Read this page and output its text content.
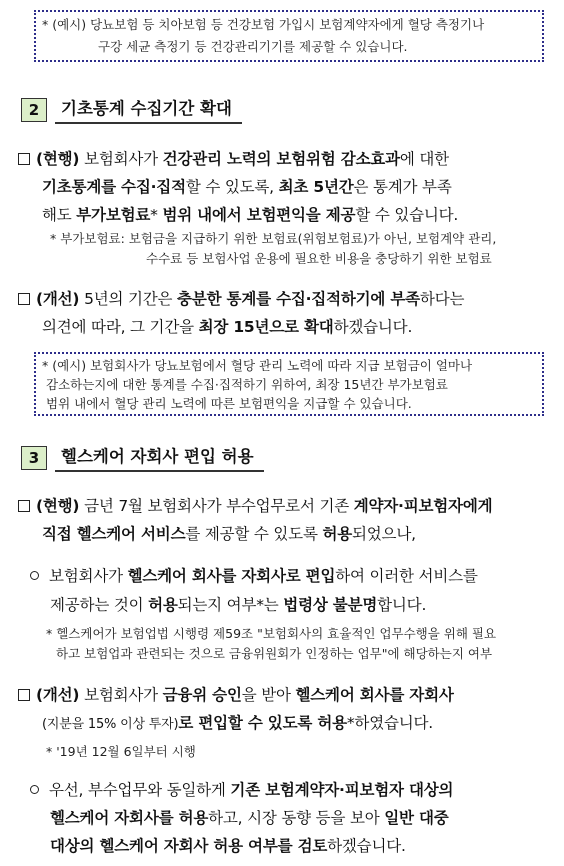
* (예시) 당뇨보험 등 치아보험 등 건강보험 가입시 보험계약자에게 혈당 측정기나
구강 세균 측정기 등 건강관리기기를 제공할 수 있습니다.
2	기초통계 수집기간 확대
(현행) 보험회사가 건강관리 노력의 보험위험 감소효과에 대한
기초통계를 수집·집적할 수 있도록, 최초 5년간은 통계가 부족
해도 부가보험료* 범위 내에서 보험편익을 제공할 수 있습니다.
* 부가보험료: 보험금을 지급하기 위한 보험료(위험보험료)가 아닌, 보험계약 관리,
수수료 등 보험사업 운용에 필요한 비용을 충당하기 위한 보험료
(개선) 5년의 기간은 충분한 통계를 수집·집적하기에 부족하다는
의견에 따라, 그 기간을 최장 15년으로 확대하겠습니다.
* (예시) 보험회사가 당뇨보험에서 혈당 관리 노력에 따라 지급 보험금이 얼마나
감소하는지에 대한 통계를 수집·집적하기 위하여, 최장 15년간 부가보험료
범위 내에서 혈당 관리 노력에 따른 보험편익을 지급할 수 있습니다.
3	헬스케어 자회사 편입 허용
(현행) 금년 7월 보험회사가 부수업무로서 기존 계약자·피보험자에게
직접 헬스케어 서비스를 제공할 수 있도록 허용되었으나,
보험회사가 헬스케어 회사를 자회사로 편입하여 이러한 서비스를
제공하는 것이 허용되는지 여부*는 법령상 불분명합니다.
* 헬스케어가 보험업법 시행령 제59조 "보험회사의 효율적인 업무수행을 위해 필요
하고 보험업과 관련되는 것으로 금융위원회가 인정하는 업무"에 해당하는지 여부
(개선) 보험회사가 금융위 승인을 받아 헬스케어 회사를 자회사
(지분을 15% 이상 투자)로 편입할 수 있도록 허용*하였습니다.
* '19년 12월 6일부터 시행
우선, 부수업무와 동일하게 기존 보험계약자·피보험자 대상의
헬스케어 자회사를 허용하고, 시장 동향 등을 보아 일반 대중
대상의 헬스케어 자회사 허용 여부를 검토하겠습니다.
